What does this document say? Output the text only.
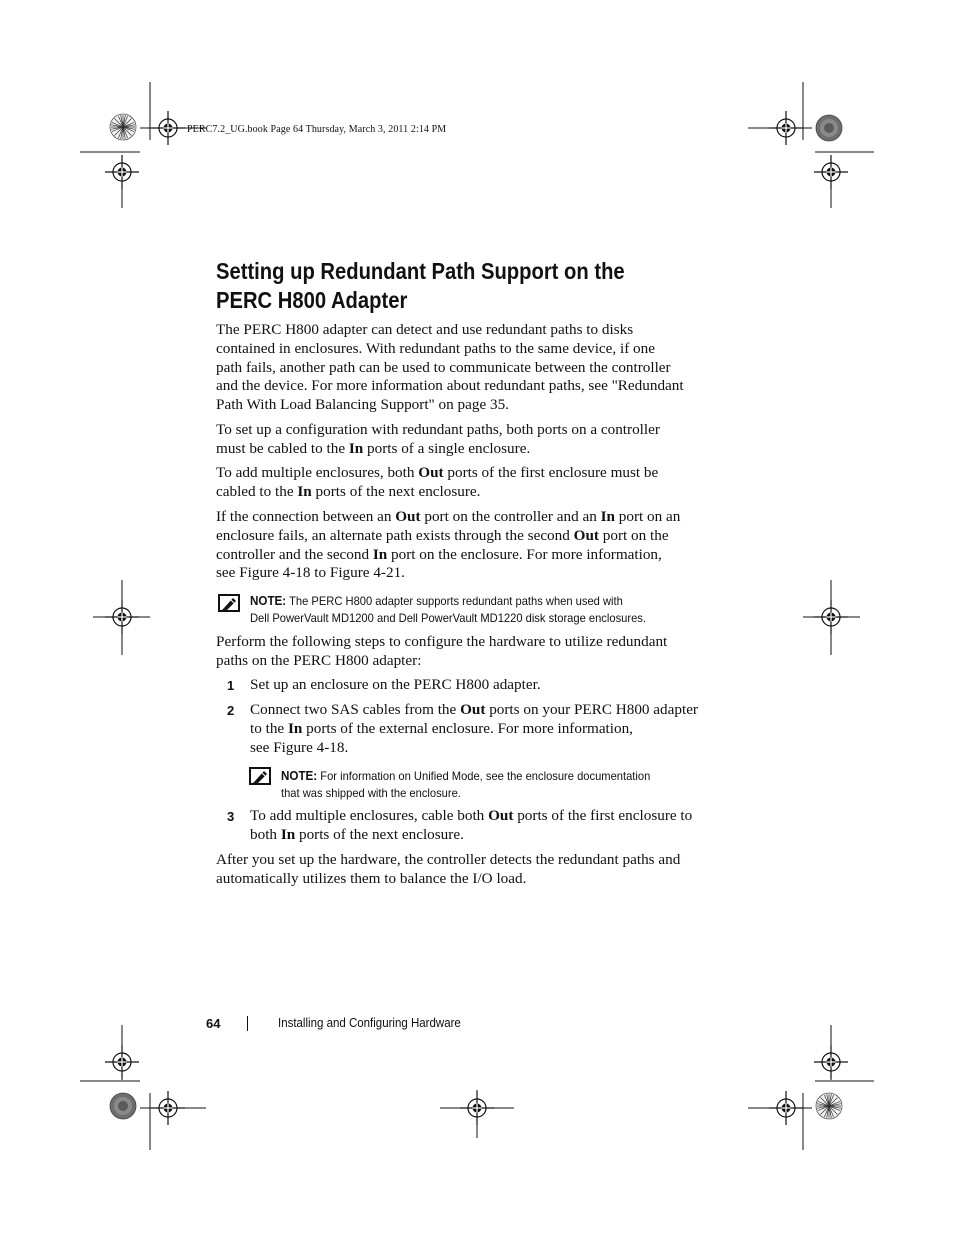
PERC7.2_UG.book Page 64 Thursday, March 3, 2011 2:14 PM
Setting up Redundant Path Support on the
PERC H800 Adapter
The PERC H800 adapter can detect and use redundant paths to disks
contained in enclosures. With redundant paths to the same device, if one
path fails, another path can be used to communicate between the controller
and the device. For more information about redundant paths, see "Redundant
Path With Load Balancing Support" on page 35.
To set up a configuration with redundant paths, both ports on a controller
must be cabled to the In ports of a single enclosure.
To add multiple enclosures, both Out ports of the first enclosure must be
cabled to the In ports of the next enclosure.
If the connection between an Out port on the controller and an In port on an
enclosure fails, an alternate path exists through the second Out port on the
controller and the second In port on the enclosure. For more information,
see Figure 4-18 to Figure 4-21.
NOTE: The PERC H800 adapter supports redundant paths when used with
Dell PowerVault MD1200 and Dell PowerVault MD1220 disk storage enclosures.
Perform the following steps to configure the hardware to utilize redundant
paths on the PERC H800 adapter:
1 Set up an enclosure on the PERC H800 adapter.
2 Connect two SAS cables from the Out ports on your PERC H800 adapter
to the In ports of the external enclosure. For more information,
see Figure 4-18.
NOTE: For information on Unified Mode, see the enclosure documentation
that was shipped with the enclosure.
3 To add multiple enclosures, cable both Out ports of the first enclosure to
both In ports of the next enclosure.
After you set up the hardware, the controller detects the redundant paths and
automatically utilizes them to balance the I/O load.
64	Installing and Configuring Hardware
